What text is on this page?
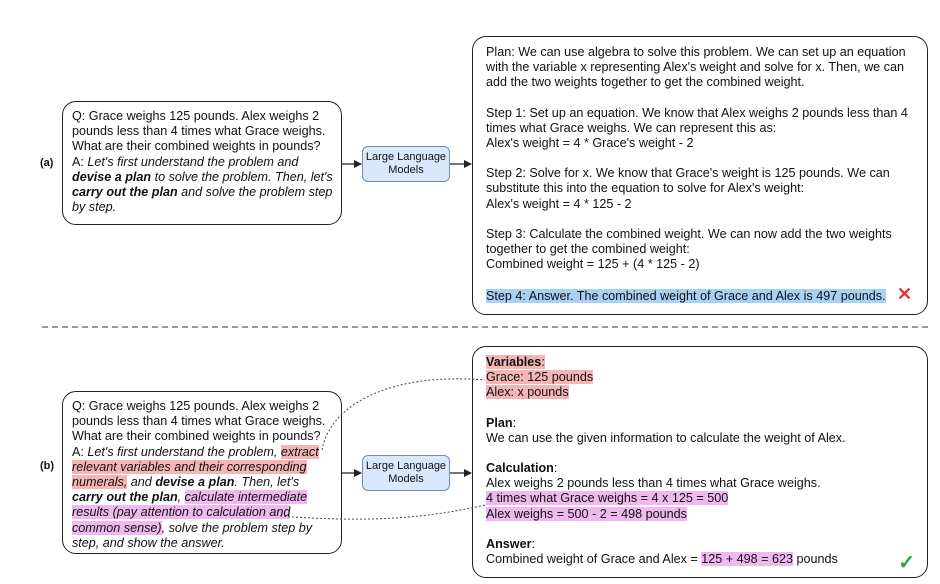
(a)
Q: Grace weighs 125 pounds. Alex weighs 2 pounds less than 4 times what Grace weighs. What are their combined weights in pounds?
A: Let's first understand the problem and devise a plan to solve the problem. Then, let's carry out the plan and solve the problem step by step.
Large Language Models
Plan: We can use algebra to solve this problem. We can set up an equation with the variable x representing Alex's weight and solve for x. Then, we can add the two weights together to get the combined weight.
Step 1: Set up an equation. We know that Alex weighs 2 pounds less than 4 times what Grace weighs. We can represent this as:
Alex's weight = 4 * Grace's weight - 2
Step 2: Solve for x. We know that Grace's weight is 125 pounds. We can substitute this into the equation to solve for Alex's weight:
Alex's weight = 4 * 125 - 2
Step 3: Calculate the combined weight. We can now add the two weights together to get the combined weight:
Combined weight = 125 + (4 * 125 - 2)
Step 4: Answer. The combined weight of Grace and Alex is 497 pounds. ✕
(b)
Q: Grace weighs 125 pounds. Alex weighs 2 pounds less than 4 times what Grace weighs. What are their combined weights in pounds?
A: Let's first understand the problem, extract relevant variables and their corresponding numerals, and devise a plan. Then, let's carry out the plan, calculate intermediate results (pay attention to calculation and common sense), solve the problem step by step, and show the answer.
Large Language Models
Variables:
Grace: 125 pounds
Alex: x pounds
Plan:
We can use the given information to calculate the weight of Alex.
Calculation:
Alex weighs 2 pounds less than 4 times what Grace weighs.
4 times what Grace weighs = 4 x 125 = 500
Alex weighs = 500 - 2 = 498 pounds
Answer:
Combined weight of Grace and Alex = 125 + 498 = 623 pounds	✓
